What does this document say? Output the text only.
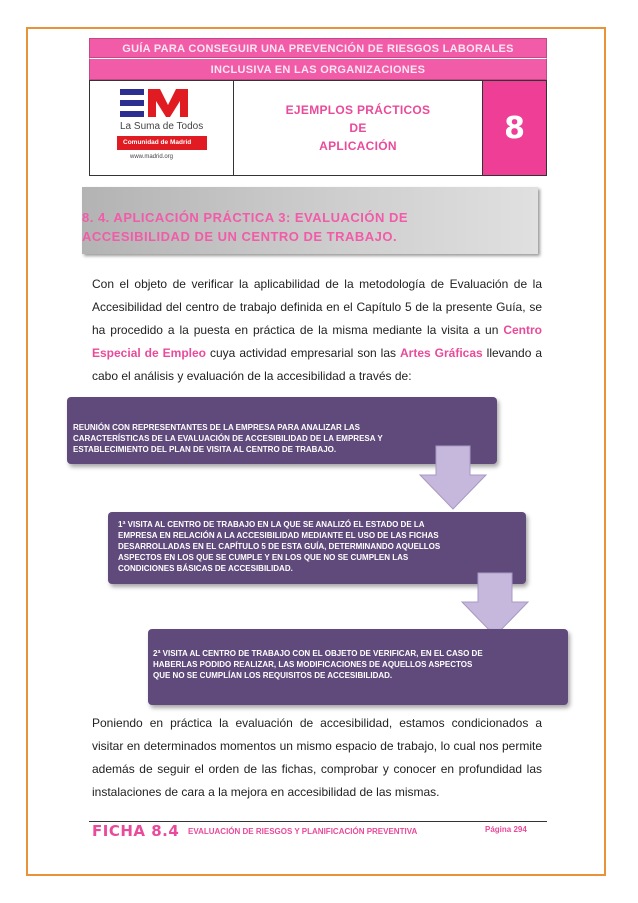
GUÍA PARA CONSEGUIR UNA PREVENCIÓN DE RIESGOS LABORALES
INCLUSIVA EN LAS ORGANIZACIONES
La Suma de Todos
Comunidad de Madrid
www.madrid.org
EJEMPLOS PRÁCTICOS
DE
APLICACIÓN
8
8. 4. APLICACIÓN PRÁCTICA 3: EVALUACIÓN DE
ACCESIBILIDAD DE UN CENTRO DE TRABAJO.
Con el objeto de verificar la aplicabilidad de la metodología de Evaluación de la Accesibilidad del centro de trabajo definida en el Capítulo 5 de la presente Guía, se ha procedido a la puesta en práctica de la misma mediante la visita a un Centro Especial de Empleo cuya actividad empresarial son las Artes Gráficas llevando a cabo el análisis y evaluación de la accesibilidad a través de:
REUNIÓN CON REPRESENTANTES DE LA EMPRESA PARA ANALIZAR LAS
CARACTERÍSTICAS DE LA EVALUACIÓN DE ACCESIBILIDAD DE LA EMPRESA Y
ESTABLECIMIENTO DEL PLAN DE VISITA AL CENTRO DE TRABAJO.
1ª VISITA AL CENTRO DE TRABAJO EN LA QUE SE ANALIZÓ EL ESTADO DE LA
EMPRESA EN RELACIÓN A LA ACCESIBILIDAD MEDIANTE EL USO DE LAS FICHAS
DESARROLLADAS EN EL CAPÍTULO 5 DE ESTA GUÍA, DETERMINANDO AQUELLOS
ASPECTOS EN LOS QUE SE CUMPLE Y EN LOS QUE NO SE CUMPLEN LAS
CONDICIONES BÁSICAS DE ACCESIBILIDAD.
2ª VISITA AL CENTRO DE TRABAJO CON EL OBJETO DE VERIFICAR, EN EL CASO DE
HABERLAS PODIDO REALIZAR, LAS MODIFICACIONES DE AQUELLOS ASPECTOS
QUE NO SE CUMPLÍAN LOS REQUISITOS DE ACCESIBILIDAD.
Poniendo en práctica la evaluación de accesibilidad, estamos condicionados a visitar en determinados momentos un mismo espacio de trabajo, lo cual nos permite además de seguir el orden de las fichas, comprobar y conocer en profundidad las instalaciones de cara a la mejora en accesibilidad de las mismas.
FICHA 8.4 EVALUACIÓN DE RIESGOS Y PLANIFICACIÓN PREVENTIVA	Página 294
